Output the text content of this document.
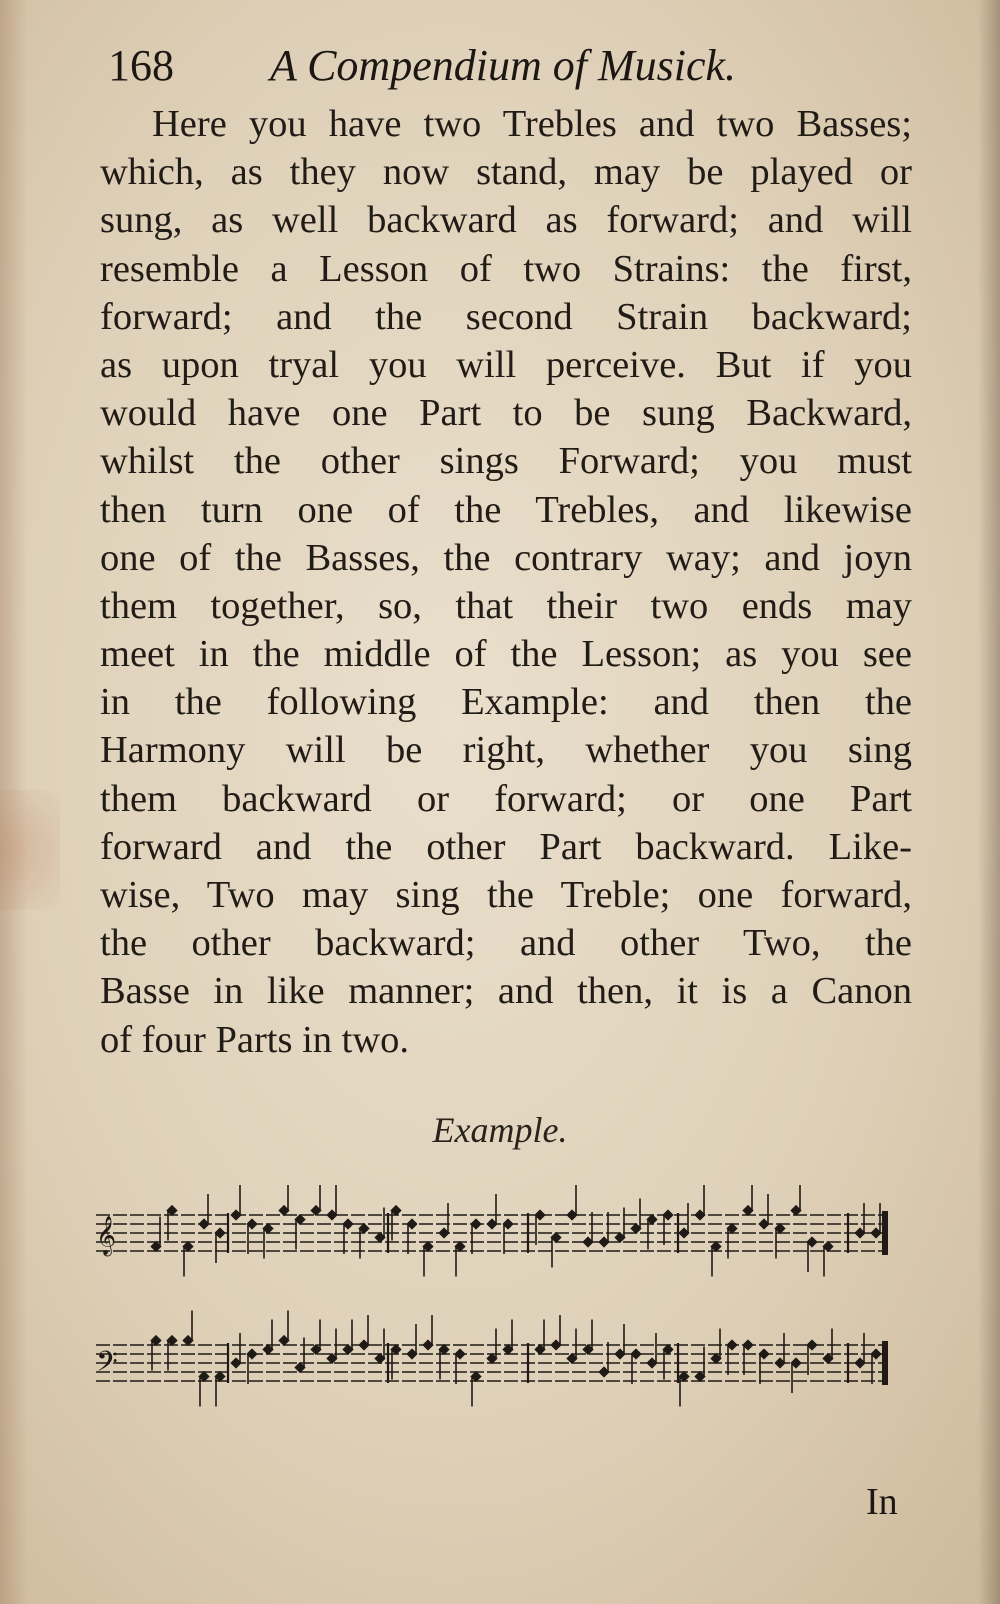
168 A Compendium of Musick.
Here you have two Trebles and two Basses;
which, as they now stand, may be played or
sung, as well backward as forward; and will
resemble a Lesson of two Strains: the first,
forward; and the second Strain backward;
as upon tryal you will perceive. But if you
would have one Part to be sung Backward,
whilst the other sings Forward; you must
then turn one of the Trebles, and likewise
one of the Basses, the contrary way; and joyn
them together, so, that their two ends may
meet in the middle of the Lesson; as you see
in the following Example: and then the
Harmony will be right, whether you sing
them backward or forward; or one Part
forward and the other Part backward. Like-
wise, Two may sing the Treble; one forward,
the other backward; and other Two, the
Basse in like manner; and then, it is a Canon
of four Parts in two.
Example.
𝄞
𝄢
In
